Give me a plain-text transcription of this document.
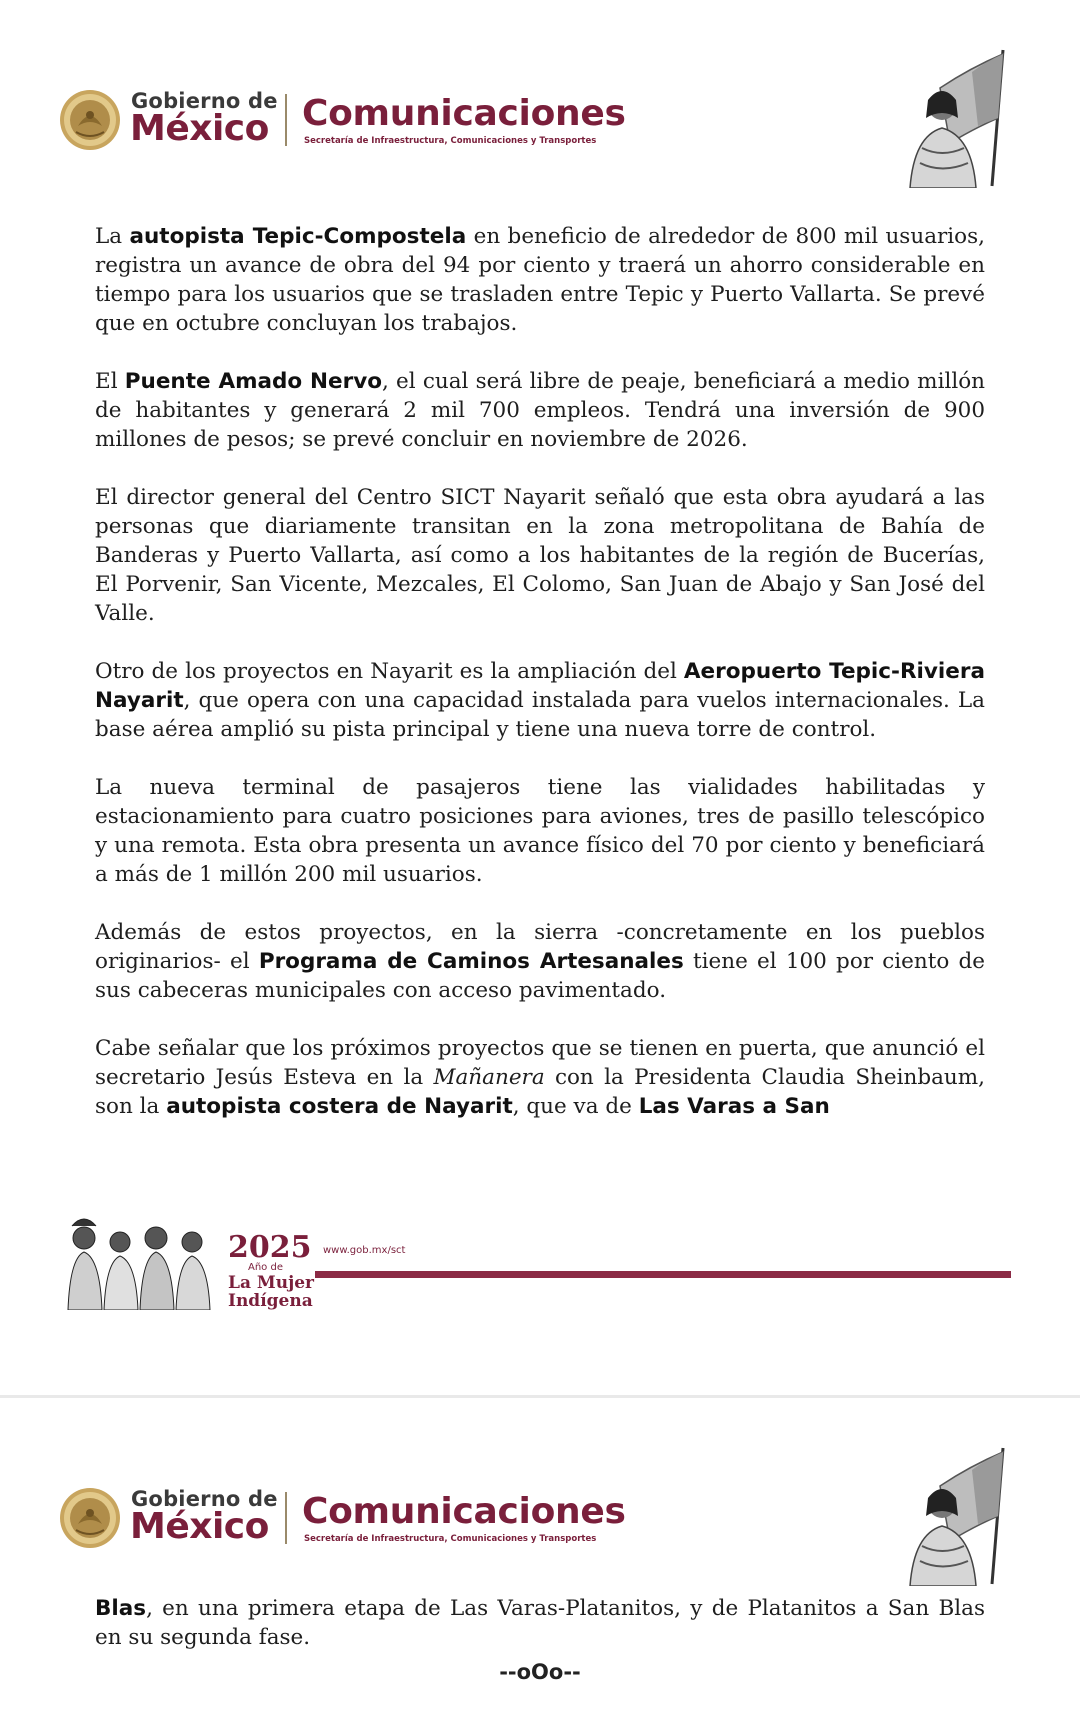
Gobierno de
México Comunicaciones
Secretaría de Infraestructura, Comunicaciones y Transportes

La autopista Tepic-Compostela en beneficio de alrededor de 800 mil usuarios, registra un avance de obra del 94 por ciento y traerá un ahorro considerable en tiempo para los usuarios que se trasladen entre Tepic y Puerto Vallarta. Se prevé que en octubre concluyan los trabajos.

El Puente Amado Nervo, el cual será libre de peaje, beneficiará a medio millón de habitantes y generará 2 mil 700 empleos. Tendrá una inversión de 900 millones de pesos; se prevé concluir en noviembre de 2026.

El director general del Centro SICT Nayarit señaló que esta obra ayudará a las personas que diariamente transitan en la zona metropolitana de Bahía de Banderas y Puerto Vallarta, así como a los habitantes de la región de Bucerías, El Porvenir, San Vicente, Mezcales, El Colomo, San Juan de Abajo y San José del Valle.

Otro de los proyectos en Nayarit es la ampliación del Aeropuerto Tepic-Riviera Nayarit, que opera con una capacidad instalada para vuelos internacionales. La base aérea amplió su pista principal y tiene una nueva torre de control.

La nueva terminal de pasajeros tiene las vialidades habilitadas y estacionamiento para cuatro posiciones para aviones, tres de pasillo telescópico y una remota. Esta obra presenta un avance físico del 70 por ciento y beneficiará a más de 1 millón 200 mil usuarios.

Además de estos proyectos, en la sierra -concretamente en los pueblos originarios- el Programa de Caminos Artesanales tiene el 100 por ciento de sus cabeceras municipales con acceso pavimentado.

Cabe señalar que los próximos proyectos que se tienen en puerta, que anunció el secretario Jesús Esteva en la Mañanera con la Presidenta Claudia Sheinbaum, son la autopista costera de Nayarit, que va de Las Varas a San

2025
Año de
La Mujer
Indígena
www.gob.mx/sct
Gobierno de
México Comunicaciones
Secretaría de Infraestructura, Comunicaciones y Transportes

Blas, en una primera etapa de Las Varas-Platanitos, y de Platanitos a San Blas en su segunda fase.

--oOo--
